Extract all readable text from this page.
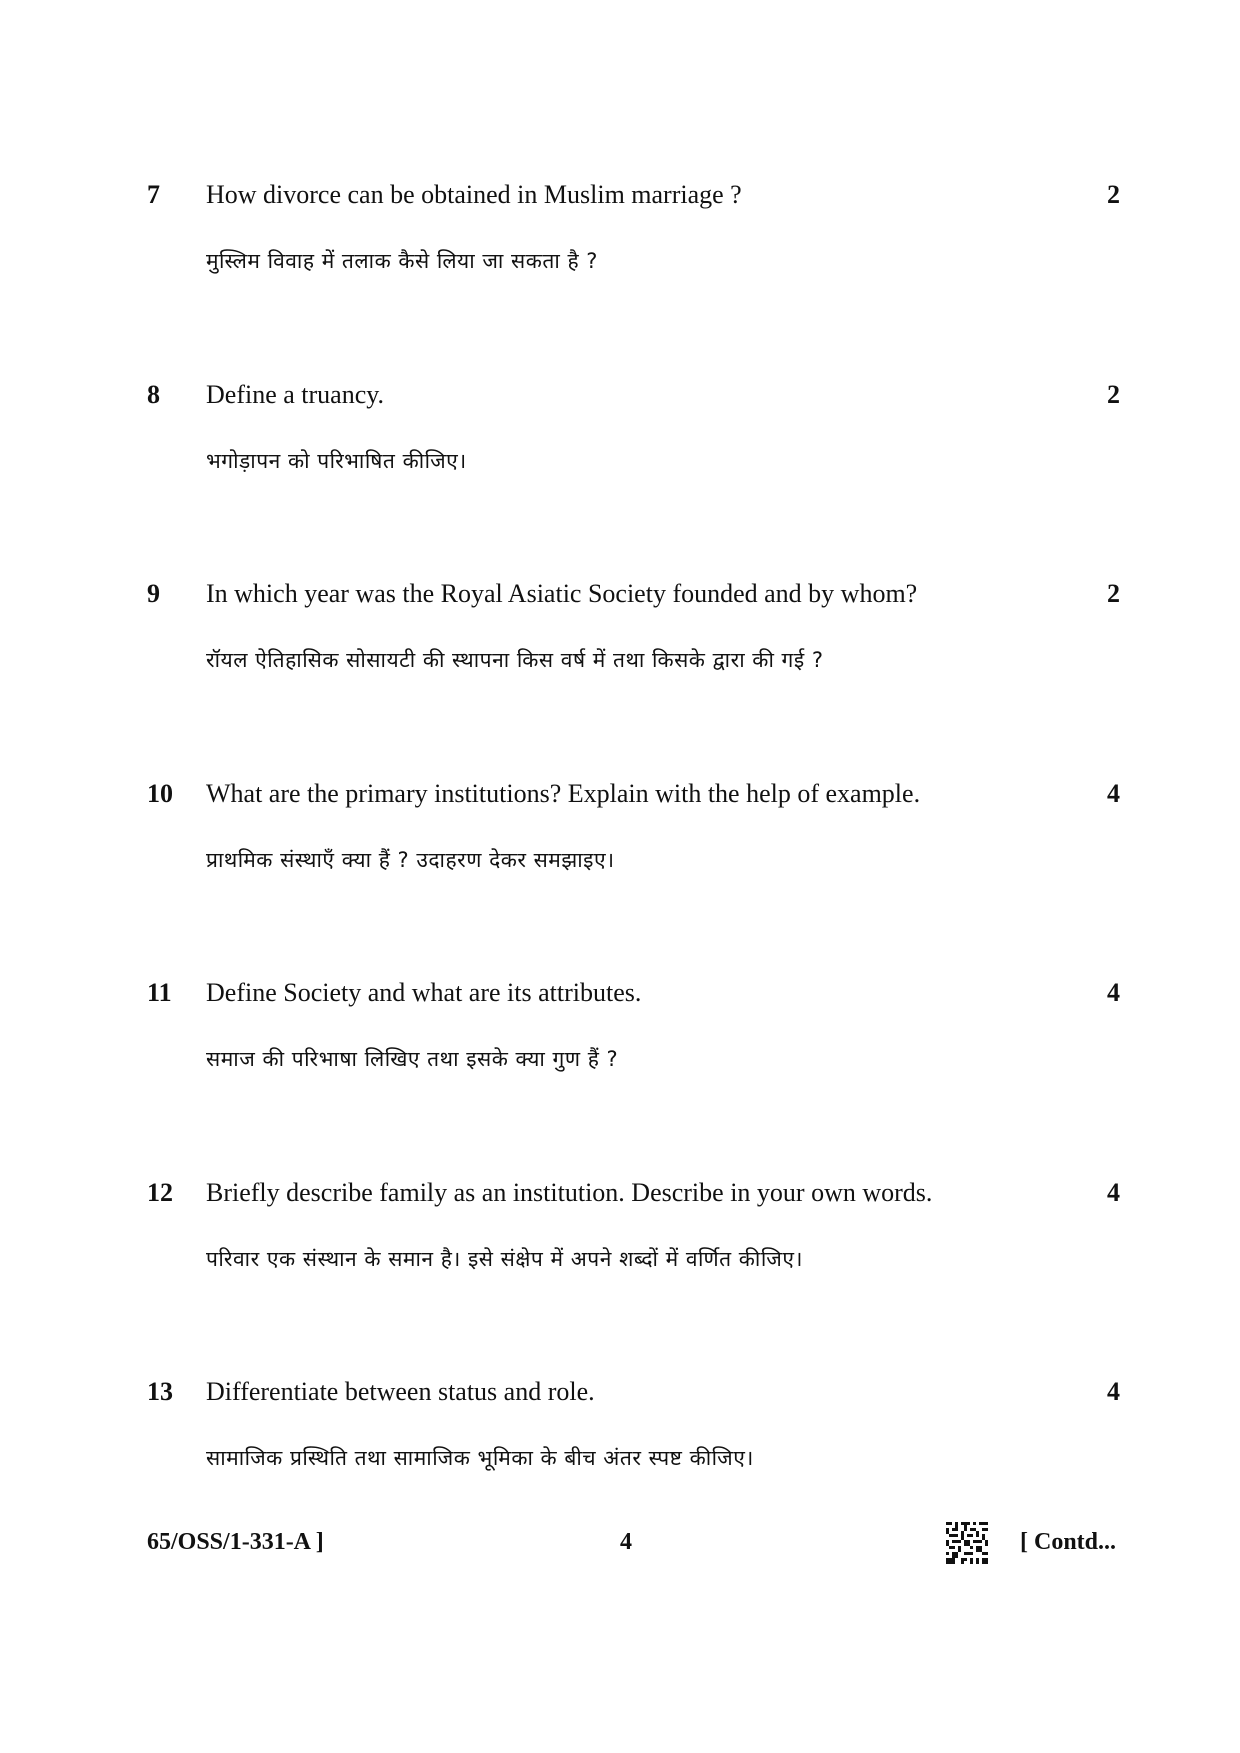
7 How divorce can be obtained in Muslim marriage ?	2
मुस्लिम विवाह में तलाक कैसे लिया जा सकता है ?
8 Define a truancy.	2
भगोड़ापन को परिभाषित कीजिए।
9 In which year was the Royal Asiatic Society founded and by whom?	2
रॉयल ऐतिहासिक सोसायटी की स्थापना किस वर्ष में तथा किसके द्वारा की गई ?
10 What are the primary institutions? Explain with the help of example.	4
प्राथमिक संस्थाएँ क्या हैं ? उदाहरण देकर समझाइए।
11 Define Society and what are its attributes.	4
समाज की परिभाषा लिखिए तथा इसके क्या गुण हैं ?
12 Briefly describe family as an institution. Describe in your own words.	4
परिवार एक संस्थान के समान है। इसे संक्षेप में अपने शब्दों में वर्णित कीजिए।
13 Differentiate between status and role.	4
सामाजिक प्रस्थिति तथा सामाजिक भूमिका के बीच अंतर स्पष्ट कीजिए।
65/OSS/1-331-A ]	4	[ Contd...
